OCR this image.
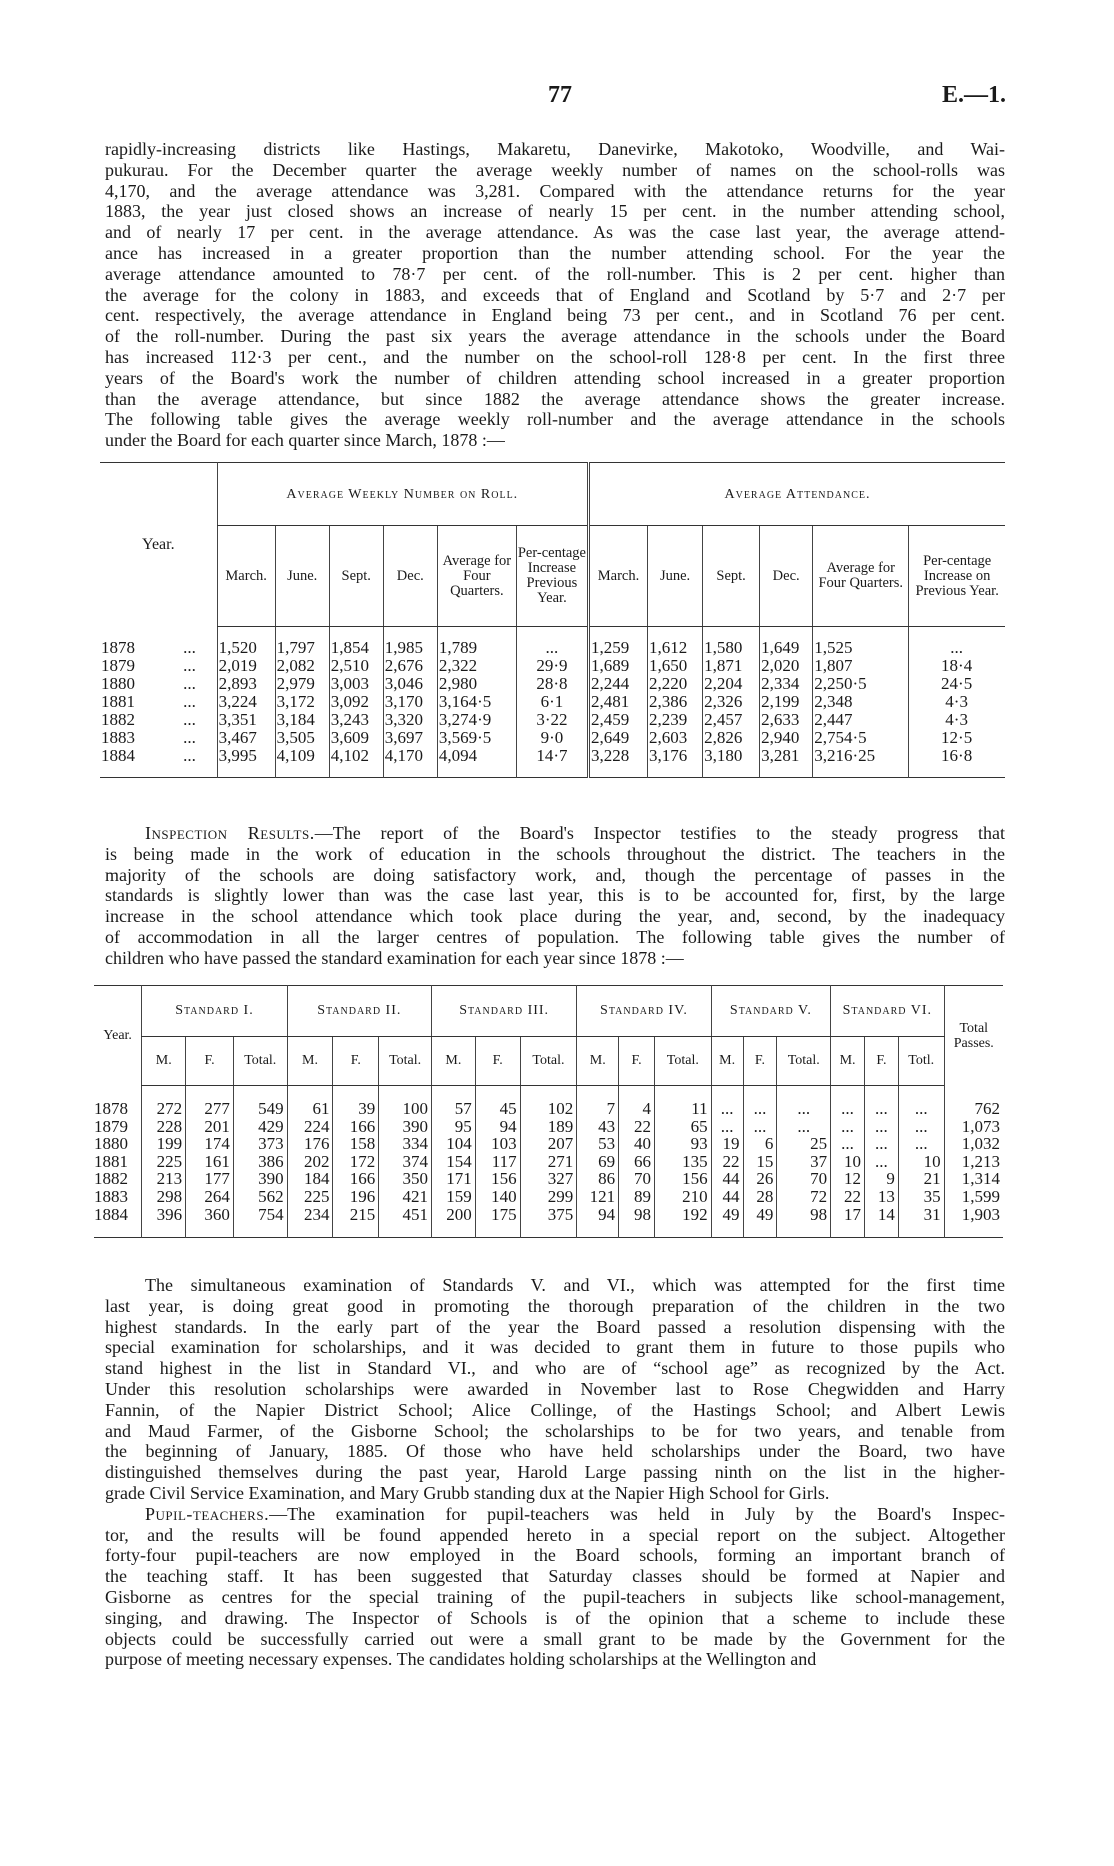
77	E.—1.
rapidly-increasing districts like Hastings, Makaretu, Danevirke, Makotoko, Woodville, and Wai-
pukurau. For the December quarter the average weekly number of names on the school-rolls was
4,170, and the average attendance was 3,281. Compared with the attendance returns for the year
1883, the year just closed shows an increase of nearly 15 per cent. in the number attending school,
and of nearly 17 per cent. in the average attendance. As was the case last year, the average attend-
ance has increased in a greater proportion than the number attending school. For the year the
average attendance amounted to 78·7 per cent. of the roll-number. This is 2 per cent. higher than
the average for the colony in 1883, and exceeds that of England and Scotland by 5·7 and 2·7 per
cent. respectively, the average attendance in England being 73 per cent., and in Scotland 76 per cent.
of the roll-number. During the past six years the average attendance in the schools under the Board
has increased 112·3 per cent., and the number on the school-roll 128·8 per cent. In the first three
years of the Board's work the number of children attending school increased in a greater proportion
than the average attendance, but since 1882 the average attendance shows the greater increase.
The following table gives the average weekly roll-number and the average attendance in the schools
under the Board for each quarter since March, 1878 :—
Year.		Average Weekly Number on Roll.						Average Attendance.					
		March.	June.	Sept.	Dec.	Average for Four Quarters.	Per-centage Increase Previous Year.	March.	June.	Sept.	Dec.	Average for Four Quarters.	Per-centage Increase on Previous Year.

1878	...	1,520	1,797	1,854	1,985	1,789	...	1,259	1,612	1,580	1,649	1,525	...
1879	...	2,019	2,082	2,510	2,676	2,322	29·9	1,689	1,650	1,871	2,020	1,807	18·4
1880	...	2,893	2,979	3,003	3,046	2,980	28·8	2,244	2,220	2,204	2,334	2,250·5	24·5
1881	...	3,224	3,172	3,092	3,170	3,164·5	6·1	2,481	2,386	2,326	2,199	2,348	4·3
1882	...	3,351	3,184	3,243	3,320	3,274·9	3·22	2,459	2,239	2,457	2,633	2,447	4·3
1883	...	3,467	3,505	3,609	3,697	3,569·5	9·0	2,649	2,603	2,826	2,940	2,754·5	12·5
1884	...	3,995	4,109	4,102	4,170	4,094	14·7	3,228	3,176	3,180	3,281	3,216·25	16·8

Inspection Results.—The report of the Board's Inspector testifies to the steady progress that
is being made in the work of education in the schools throughout the district. The teachers in the
majority of the schools are doing satisfactory work, and, though the percentage of passes in the
standards is slightly lower than was the case last year, this is to be accounted for, first, by the large
increase in the school attendance which took place during the year, and, second, by the inadequacy
of accommodation in all the larger centres of population. The following table gives the number of
children who have passed the standard examination for each year since 1878 :—
Year.	Standard I.			Standard II.			Standard III.			Standard IV.			Standard V.			Standard VI.			Total Passes.
	M.	F.	Total.	M.	F.	Total.	M.	F.	Total.	M.	F.	Total.	M.	F.	Total.	M.	F.	Totl.	

1878	272	277	549	61	39	100	57	45	102	7	4	11	...	...	...	...	...	...	762
1879	228	201	429	224	166	390	95	94	189	43	22	65	...	...	...	...	...	...	1,073
1880	199	174	373	176	158	334	104	103	207	53	40	93	19	6	25	...	...	...	1,032
1881	225	161	386	202	172	374	154	117	271	69	66	135	22	15	37	10	...	10	1,213
1882	213	177	390	184	166	350	171	156	327	86	70	156	44	26	70	12	9	21	1,314
1883	298	264	562	225	196	421	159	140	299	121	89	210	44	28	72	22	13	35	1,599
1884	396	360	754	234	215	451	200	175	375	94	98	192	49	49	98	17	14	31	1,903

The simultaneous examination of Standards V. and VI., which was attempted for the first time
last year, is doing great good in promoting the thorough preparation of the children in the two
highest standards. In the early part of the year the Board passed a resolution dispensing with the
special examination for scholarships, and it was decided to grant them in future to those pupils who
stand highest in the list in Standard VI., and who are of “school age” as recognized by the Act.
Under this resolution scholarships were awarded in November last to Rose Chegwidden and Harry
Fannin, of the Napier District School; Alice Collinge, of the Hastings School; and Albert Lewis
and Maud Farmer, of the Gisborne School; the scholarships to be for two years, and tenable from
the beginning of January, 1885. Of those who have held scholarships under the Board, two have
distinguished themselves during the past year, Harold Large passing ninth on the list in the higher-
grade Civil Service Examination, and Mary Grubb standing dux at the Napier High School for Girls.
Pupil-teachers.—The examination for pupil-teachers was held in July by the Board's Inspec-
tor, and the results will be found appended hereto in a special report on the subject. Altogether
forty-four pupil-teachers are now employed in the Board schools, forming an important branch of
the teaching staff. It has been suggested that Saturday classes should be formed at Napier and
Gisborne as centres for the special training of the pupil-teachers in subjects like school-management,
singing, and drawing. The Inspector of Schools is of the opinion that a scheme to include these
objects could be successfully carried out were a small grant to be made by the Government for the
purpose of meeting necessary expenses. The candidates holding scholarships at the Wellington and
